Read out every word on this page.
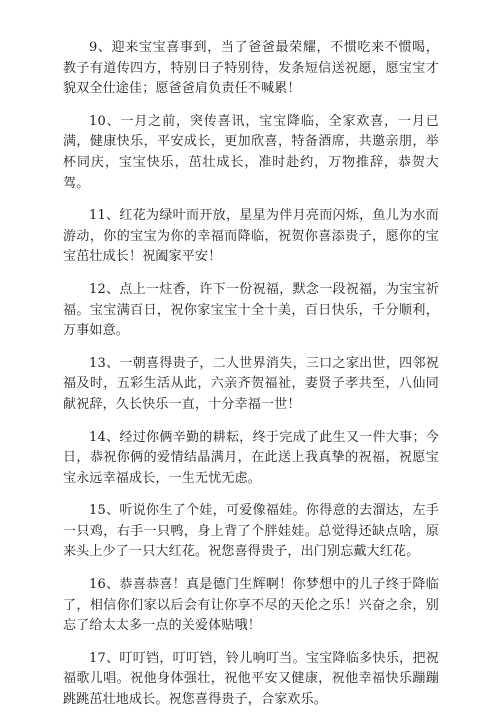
9、迎来宝宝喜事到，当了爸爸最荣耀，不惯吃来不惯喝，教子有道传四方，特别日子特别待，发条短信送祝愿，愿宝宝才貌双全仕途佳；愿爸爸肩负责任不喊累！

10、一月之前，突传喜讯，宝宝降临，全家欢喜，一月已满，健康快乐，平安成长，更加欣喜，特备酒席，共邀亲朋，举杯同庆，宝宝快乐，茁壮成长，准时赴约，万物推辞，恭贺大驾。

11、红花为绿叶而开放，星星为伴月亮而闪烁，鱼儿为水而游动，你的宝宝为你的幸福而降临，祝贺你喜添贵子，愿你的宝宝茁壮成长！祝阖家平安！

12、点上一炷香，许下一份祝福，默念一段祝福，为宝宝祈福。宝宝满百日，祝你家宝宝十全十美，百日快乐，千分顺利，万事如意。

13、一朝喜得贵子，二人世界消失，三口之家出世，四邻祝福及时，五彩生活从此，六亲齐贺福祉，妻贤子孝共至，八仙同献祝辞，久长快乐一直，十分幸福一世！

14、经过你俩辛勤的耕耘，终于完成了此生又一件大事；今日，恭祝你俩的爱情结晶满月，在此送上我真挚的祝福，祝愿宝宝永远幸福成长，一生无忧无虑。

15、听说你生了个娃，可爱像福娃。你得意的去溜达，左手一只鸡，右手一只鸭，身上背了个胖娃娃。总觉得还缺点啥，原来头上少了一只大红花。祝您喜得贵子，出门别忘戴大红花。

16、恭喜恭喜！真是德门生辉啊！你梦想中的儿子终于降临了，相信你们家以后会有让你享不尽的天伦之乐！兴奋之余，别忘了给太太多一点的关爱体贴哦！

17、叮叮铛，叮叮铛，铃儿响叮当。宝宝降临多快乐，把祝福歌儿唱。祝他身体强壮，祝他平安又健康，祝他幸福快乐蹦蹦跳跳茁壮地成长。祝您喜得贵子，合家欢乐。
